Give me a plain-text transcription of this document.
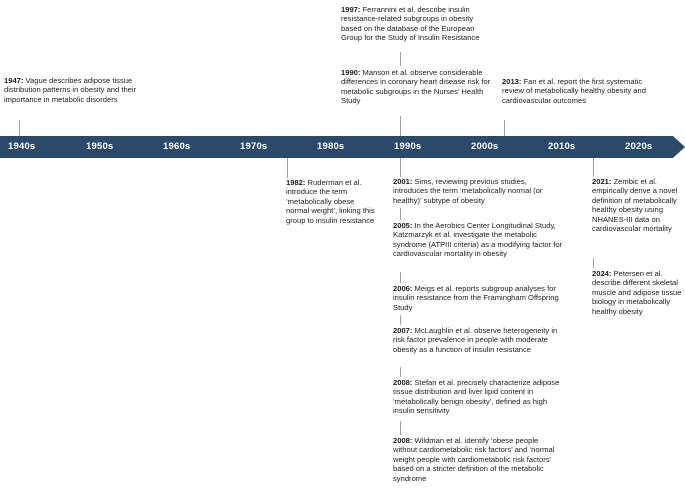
1940s	1950s	1960s	1970s	1980s	1990s	2000s	2010s	2020s
1947: Vague describes adipose tissue distribution patterns in obesity and their importance in metabolic disorders
1997: Ferrannini et al. describe insulin resistance-related subgroups in obesity based on the database of the European Group for the Study of Insulin Resistance
1990: Manson et al. observe considerable differences in coronary heart disease risk for metabolic subgroups in the Nurses’ Health Study
2013: Fan et al. report the first systematic review of metabolically healthy obesity and cardiovascular outcomes
1982: Ruderman et al. introduce the term ‘metabolically obese normal weight’, linking this group to insulin resistance
2001: Sims, reviewing previous studies, introduces the term ‘metabolically normal (or healthy)’ subtype of obesity
2005: In the Aerobics Center Longitudinal Study, Katzmarzyk et al. investigate the metabolic syndrome (ATPIII criteria) as a modifying factor for cardiovascular mortality in obesity
2006: Meigs et al. reports subgroup analyses for insulin resistance from the Framingham Offspring Study
2007: McLaughlin et al. observe heterogeneity in risk factor prevalence in people with moderate obesity as a function of insulin resistance
2008: Stefan et al. precisely characterize adipose tissue distribution and liver lipid content in ‘metabolically benign obesity’, defined as high insulin sensitivity
2008: Wildman et al. identify ‘obese people without cardiometabolic risk factors’ and ‘normal weight people with cardiometabolic risk factors’ based on a stricter definition of the metabolic syndrome
2021: Zembic et al. empirically derive a novel definition of metabolically healthy obesity using NHANES-III data on cardiovascular mortality
2024: Petersen et al. describe different skeletal muscle and adipose tissue biology in metabolically healthy obesity
